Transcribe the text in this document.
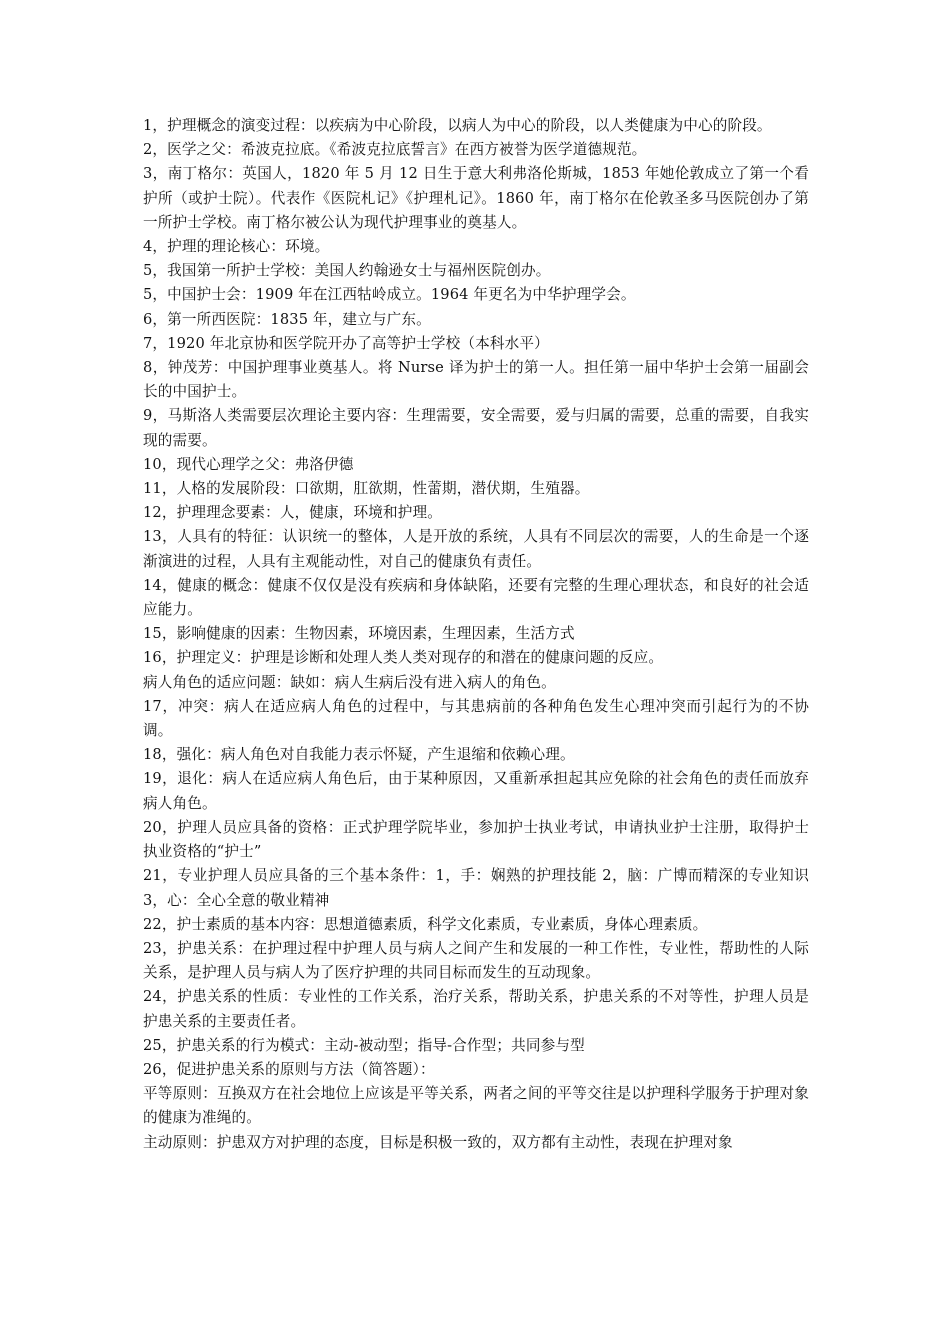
1，护理概念的演变过程：以疾病为中心阶段，以病人为中心的阶段，以人类健康为中心的阶段。

2，医学之父：希波克拉底。《希波克拉底誓言》在西方被誉为医学道德规范。

3，南丁格尔：英国人，1820 年 5 月 12 日生于意大利弗洛伦斯城，1853 年她伦敦成立了第一个看护所（或护士院）。代表作《医院札记》《护理札记》。1860 年，南丁格尔在伦敦圣多马医院创办了第一所护士学校。南丁格尔被公认为现代护理事业的奠基人。

4，护理的理论核心：环境。

5，我国第一所护士学校：美国人约翰逊女士与福州医院创办。

5，中国护士会：1909 年在江西牯岭成立。1964 年更名为中华护理学会。

6，第一所西医院：1835 年，建立与广东。

7，1920 年北京协和医学院开办了高等护士学校（本科水平）

8，钟茂芳：中国护理事业奠基人。将 Nurse 译为护士的第一人。担任第一届中华护士会第一届副会长的中国护士。

9，马斯洛人类需要层次理论主要内容：生理需要，安全需要，爱与归属的需要，总重的需要，自我实现的需要。

10，现代心理学之父：弗洛伊德

11，人格的发展阶段：口欲期，肛欲期，性蕾期，潜伏期，生殖器。

12，护理理念要素：人，健康，环境和护理。

13，人具有的特征：认识统一的整体，人是开放的系统，人具有不同层次的需要，人的生命是一个逐渐演进的过程，人具有主观能动性，对自己的健康负有责任。

14，健康的概念：健康不仅仅是没有疾病和身体缺陷，还要有完整的生理心理状态，和良好的社会适应能力。

15，影响健康的因素：生物因素，环境因素，生理因素，生活方式

16，护理定义：护理是诊断和处理人类人类对现存的和潜在的健康问题的反应。

病人角色的适应问题：缺如：病人生病后没有进入病人的角色。

17，冲突：病人在适应病人角色的过程中，与其患病前的各种角色发生心理冲突而引起行为的不协调。

18，强化：病人角色对自我能力表示怀疑，产生退缩和依赖心理。

19，退化：病人在适应病人角色后，由于某种原因，又重新承担起其应免除的社会角色的责任而放弃病人角色。

20，护理人员应具备的资格：正式护理学院毕业，参加护士执业考试，申请执业护士注册，取得护士执业资格的“护士”

21，专业护理人员应具备的三个基本条件：1，手：娴熟的护理技能 2，脑：广博而精深的专业知识　3，心：全心全意的敬业精神

22，护士素质的基本内容：思想道德素质，科学文化素质，专业素质，身体心理素质。

23，护患关系：在护理过程中护理人员与病人之间产生和发展的一种工作性，专业性，帮助性的人际关系，是护理人员与病人为了医疗护理的共同目标而发生的互动现象。

24，护患关系的性质：专业性的工作关系，治疗关系，帮助关系，护患关系的不对等性，护理人员是护患关系的主要责任者。

25，护患关系的行为模式：主动-被动型；指导-合作型；共同参与型

26，促进护患关系的原则与方法（简答题）：

平等原则：互换双方在社会地位上应该是平等关系，两者之间的平等交往是以护理科学服务于护理对象的健康为准绳的。

主动原则：护患双方对护理的态度，目标是积极一致的，双方都有主动性，表现在护理对象
